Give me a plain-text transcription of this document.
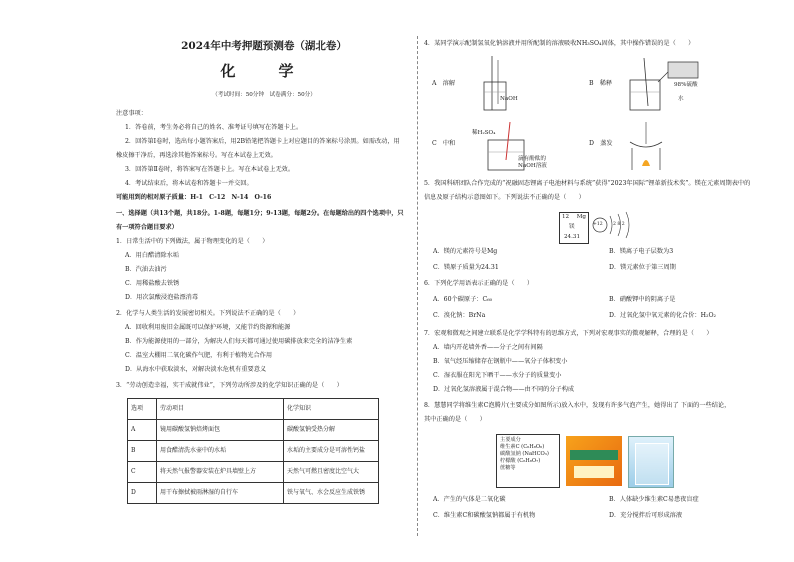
2024年中考押题预测卷（湖北卷）
化　学
（考试时间：50分钟　试卷满分：50分）
注意事项：
1．答卷前，考生务必将自己的姓名、准考证号填写在答题卡上。
2．回答第Ⅰ卷时，选出每小题答案后，用2B铅笔把答题卡上对应题目的答案标号涂黑。如需改动，用
橡皮擦干净后，再选涂其他答案标号。写在本试卷上无效。
3．回答第Ⅱ卷时，将答案写在答题卡上。写在本试卷上无效。
4．考试结束后，将本试卷和答题卡一并交回。
可能用到的相对原子质量：H-1　C-12　N-14　O-16
一、选择题（共13个题，共18分。1-8题，每题1分；9-13题，每题2分。在每题给出的四个选项中，只
有一项符合题目要求）
1．日常生活中的下列做法，属于物理变化的是（　　）
A．用白醋清除水垢
B．汽油去油污
C．用稀盐酸去铁锈
D．用次氯酸浸泡盐漂消毒
2．化学与人类生活的发展密切相关。下列说法不正确的是（　　）
A．回收利用废旧金属既可以保护环境，又能节约资源和能源
B．作为能源使用的一部分，为解决人们每天都可通过使用碳排放来完全的洁净生素
C．温室大棚用二氧化碳作气肥，有利于植物光合作用
D．从海水中获取淡水，对解决淡水危机有重要意义
3．“劳动创造幸福，实干成就伟业”，下列劳动所涉及的化学知识正确的是（　　）
选项	劳动项目	化学知识
A	镜用碳酸氢钠焙烤面包	碳酸氢钠受热分解
B	用食醋清洗水壶中的水垢	水垢的主要成分是可溶性钙盐
C	将天然气报警器安装在炉具墙壁上方	天然气可燃且密度比空气大
D	用干布擦拭被雨淋湿的自行车	铁与氧气、水会反应生成铁锈
4．某同学演示配制氢氧化钠溶液并用所配制的溶液吸收NH₃SO₄固体，其中操作错误的是（　　）
A　溶解
NaOH
B　稀释	98%硫酸
水
C　中和
稀H₂SO₄
滴有酚酞的
NaOH溶液
D　蒸发
5．我国科研团队合作完成的“祝融固态锂离子电池材料与系统”获得“2023年国际”锂革新技术奖”。镁在元素周期表中的
信息及原子结构示意图如下。下列说法不正确的是（　　）
12 Mg
镁
24.31
+12 2 8 2
A．镁的元素符号是Mg	B．镁离子电子层数为3
C．镁原子质量为24.31	D．镁元素位于第三周期
6．下列化学用语表示正确的是（　　）
A．60个碳原子：C₆₀	B．硝酸钾中的阴离子是
C．溴化钠：BrNa	D．过氧化氢中氧元素的化合价：H₂O₂
7．宏观和微观之间建立联系是化学学科特有的思维方式，下列对宏观事实的微观解释，合理的是（　　）
A．墙内开花墙外香——分子之间有间隔
B．氧气经压缩储存在钢瓶中——氧分子体积变小
C．湿衣服在阳光下晒干——水分子的质量变小
D．过氧化氢溶液属于混合物——由不同的分子构成
8．慧慧同学将维生素C泡腾片(主要成分如图所示)放入水中，发现有许多气泡产生，她得出了 下面的一些结论，
其中正确的是（　　）
主要成分
维生素C (C₆H₈O₆)
碳酸氢钠 (NaHCO₃)
柠檬酸 (C₆H₈O₇)
蔗糖等
A．产生的气体是二氧化碳	B．人体缺少维生素C易患夜盲症
C．维生素C和碳酸氢钠都属于有机物	D．充分搅拌后可形成溶液
